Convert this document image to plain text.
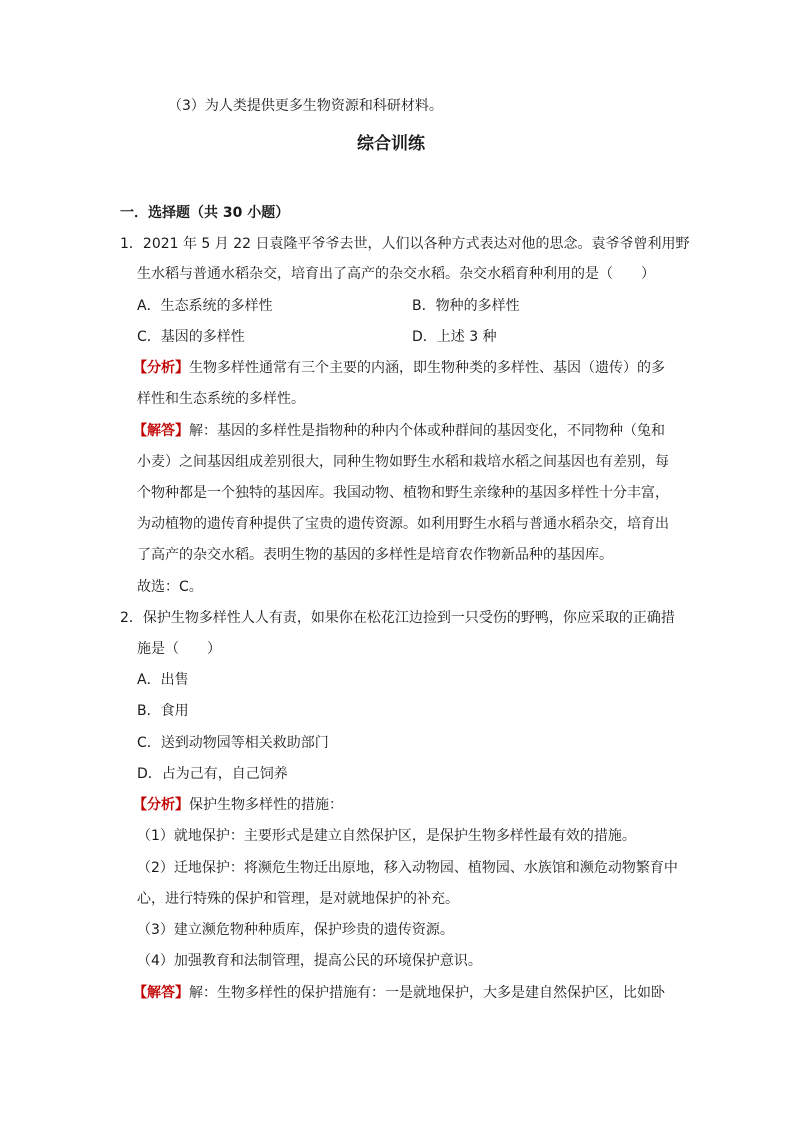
（3）为人类提供更多生物资源和科研材料。
综合训练
一．选择题（共 30 小题）
1．2021 年 5 月 22 日袁隆平爷爷去世，人们以各种方式表达对他的思念。袁爷爷曾利用野
生水稻与普通水稻杂交，培育出了高产的杂交水稻。杂交水稻育种利用的是（　　）
A．生态系统的多样性	B．物种的多样性
C．基因的多样性	D．上述 3 种
【分析】生物多样性通常有三个主要的内涵，即生物种类的多样性、基因（遗传）的多
样性和生态系统的多样性。
【解答】解：基因的多样性是指物种的种内个体或种群间的基因变化，不同物种（兔和
小麦）之间基因组成差别很大，同种生物如野生水稻和栽培水稻之间基因也有差别，每
个物种都是一个独特的基因库。我国动物、植物和野生亲缘种的基因多样性十分丰富，
为动植物的遗传育种提供了宝贵的遗传资源。如利用野生水稻与普通水稻杂交，培育出
了高产的杂交水稻。表明生物的基因的多样性是培育农作物新品种的基因库。
故选：C。
2．保护生物多样性人人有责，如果你在松花江边捡到一只受伤的野鸭，你应采取的正确措
施是（　　）
A．出售
B．食用
C．送到动物园等相关救助部门
D．占为己有，自己饲养
【分析】保护生物多样性的措施：
（1）就地保护：主要形式是建立自然保护区，是保护生物多样性最有效的措施。
（2）迁地保护：将濒危生物迁出原地，移入动物园、植物园、水族馆和濒危动物繁育中
心，进行特殊的保护和管理，是对就地保护的补充。
（3）建立濒危物种种质库，保护珍贵的遗传资源。
（4）加强教育和法制管理，提高公民的环境保护意识。
【解答】解：生物多样性的保护措施有：一是就地保护，大多是建自然保护区，比如卧
